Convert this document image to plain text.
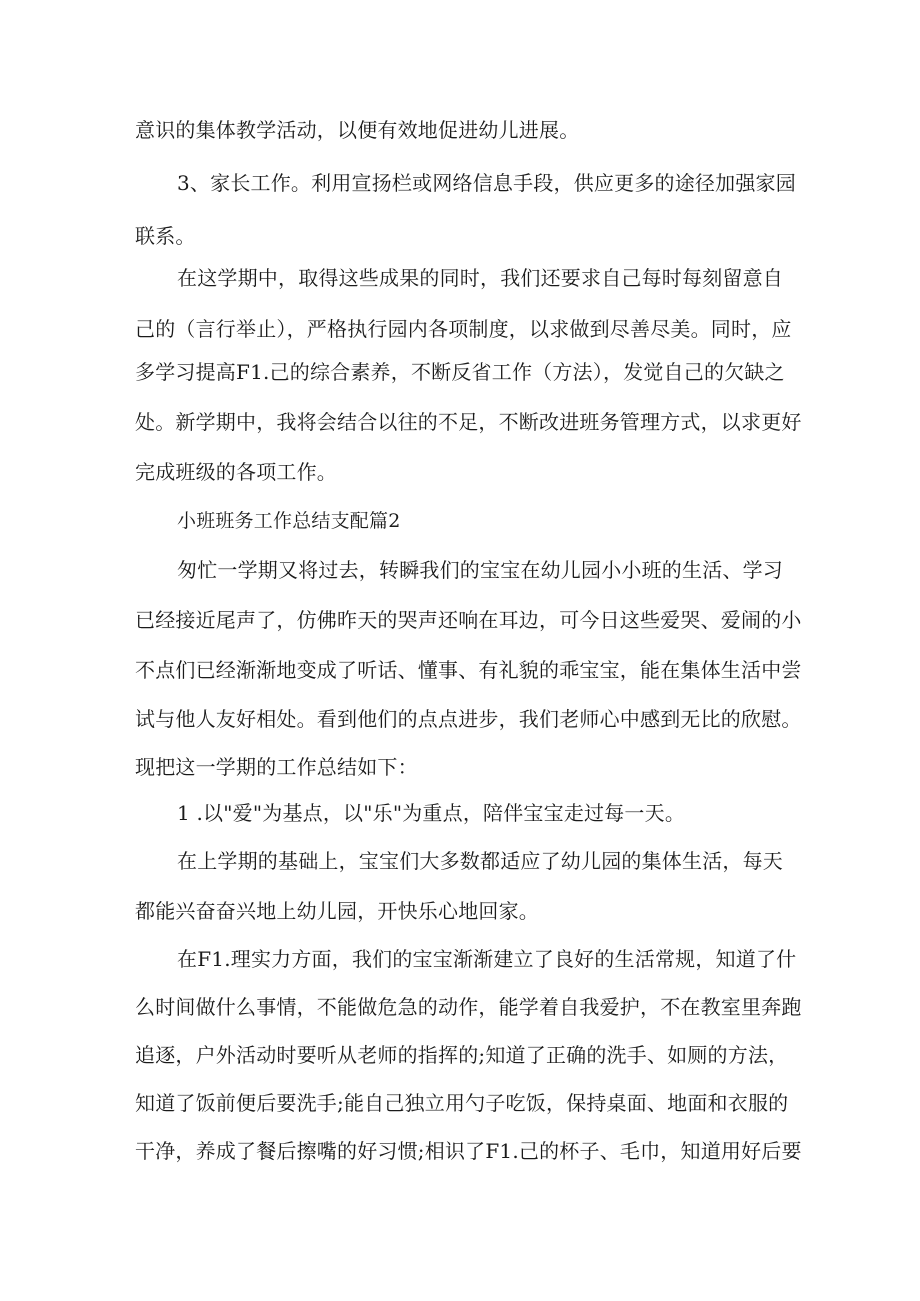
意识的集体教学活动，以便有效地促进幼儿进展。
3、家长工作。利用宣扬栏或网络信息手段，供应更多的途径加强家园
联系。
在这学期中，取得这些成果的同时，我们还要求自己每时每刻留意自
己的（言行举止），严格执行园内各项制度，以求做到尽善尽美。同时，应
多学习提高F1.己的综合素养，不断反省工作（方法），发觉自己的欠缺之
处。新学期中，我将会结合以往的不足，不断改进班务管理方式，以求更好
完成班级的各项工作。
小班班务工作总结支配篇2
匆忙一学期又将过去，转瞬我们的宝宝在幼儿园小小班的生活、学习
已经接近尾声了，仿佛昨天的哭声还响在耳边，可今日这些爱哭、爱闹的小
不点们已经渐渐地变成了听话、懂事、有礼貌的乖宝宝，能在集体生活中尝
试与他人友好相处。看到他们的点点进步，我们老师心中感到无比的欣慰。
现把这一学期的工作总结如下：
1 .以"爱"为基点，以"乐"为重点，陪伴宝宝走过每一天。
在上学期的基础上，宝宝们大多数都适应了幼儿园的集体生活，每天
都能兴奋奋兴地上幼儿园，开快乐心地回家。
在F1.理实力方面，我们的宝宝渐渐建立了良好的生活常规，知道了什
么时间做什么事情，不能做危急的动作，能学着自我爱护，不在教室里奔跑
追逐，户外活动时要听从老师的指挥的;知道了正确的洗手、如厕的方法，
知道了饭前便后要洗手;能自己独立用勺子吃饭，保持桌面、地面和衣服的
干净，养成了餐后擦嘴的好习惯;相识了F1.己的杯子、毛巾，知道用好后要
